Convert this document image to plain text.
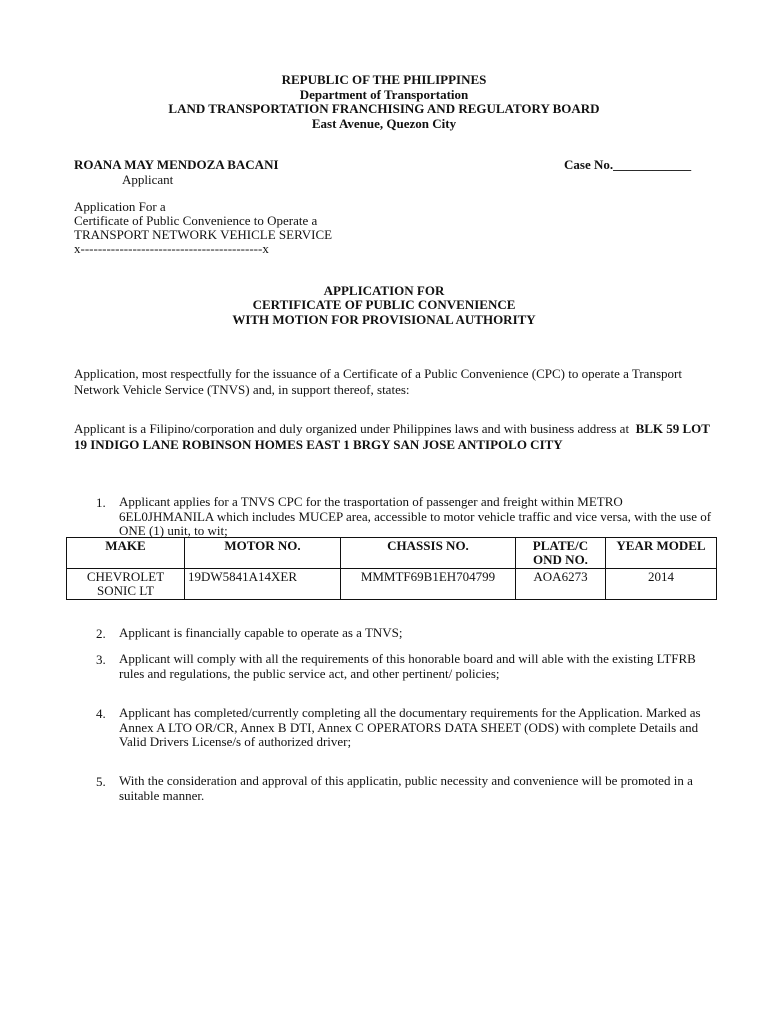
REPUBLIC OF THE PHILIPPINES
Department of Transportation
LAND TRANSPORTATION FRANCHISING AND REGULATORY BOARD
East Avenue, Quezon City
ROANA MAY MENDOZA BACANI	Case No.____________
Applicant
Application For a
Certificate of Public Convenience to Operate a
TRANSPORT NETWORK VEHICLE SERVICE
x------------------------------------------x
APPLICATION FOR
CERTIFICATE OF PUBLIC CONVENIENCE
WITH MOTION FOR PROVISIONAL AUTHORITY

Application, most respectfully for the issuance of a Certificate of a Public Convenience (CPC) to operate a Transport Network Vehicle Service (TNVS) and, in support thereof, states:

Applicant is a Filipino/corporation and duly organized under Philippines laws and with business address at BLK 59 LOT 19 INDIGO LANE ROBINSON HOMES EAST 1 BRGY SAN JOSE ANTIPOLO CITY

1. Applicant applies for a TNVS CPC for the trasportation of passenger and freight within METRO 6EL0JHMANILA which includes MUCEP area, accessible to motor vehicle traffic and vice versa, with the use of ONE (1) unit, to wit;

MAKE	MOTOR NO.	CHASSIS NO.	PLATE/C OND NO.	YEAR MODEL
CHEVROLET SONIC LT	19DW5841A14XER	MMMTF69B1EH704799	AOA6273	2014
2. Applicant is financially capable to operate as a TNVS;

3. Applicant will comply with all the requirements of this honorable board and will able with the existing LTFRB rules and regulations, the public service act, and other pertinent/ policies;

4. Applicant has completed/currently completing all the documentary requirements for the Application. Marked as Annex A LTO OR/CR, Annex B DTI, Annex C OPERATORS DATA SHEET (ODS) with complete Details and Valid Drivers License/s of authorized driver;

5. With the consideration and approval of this applicatin, public necessity and convenience will be promoted in a suitable manner.
